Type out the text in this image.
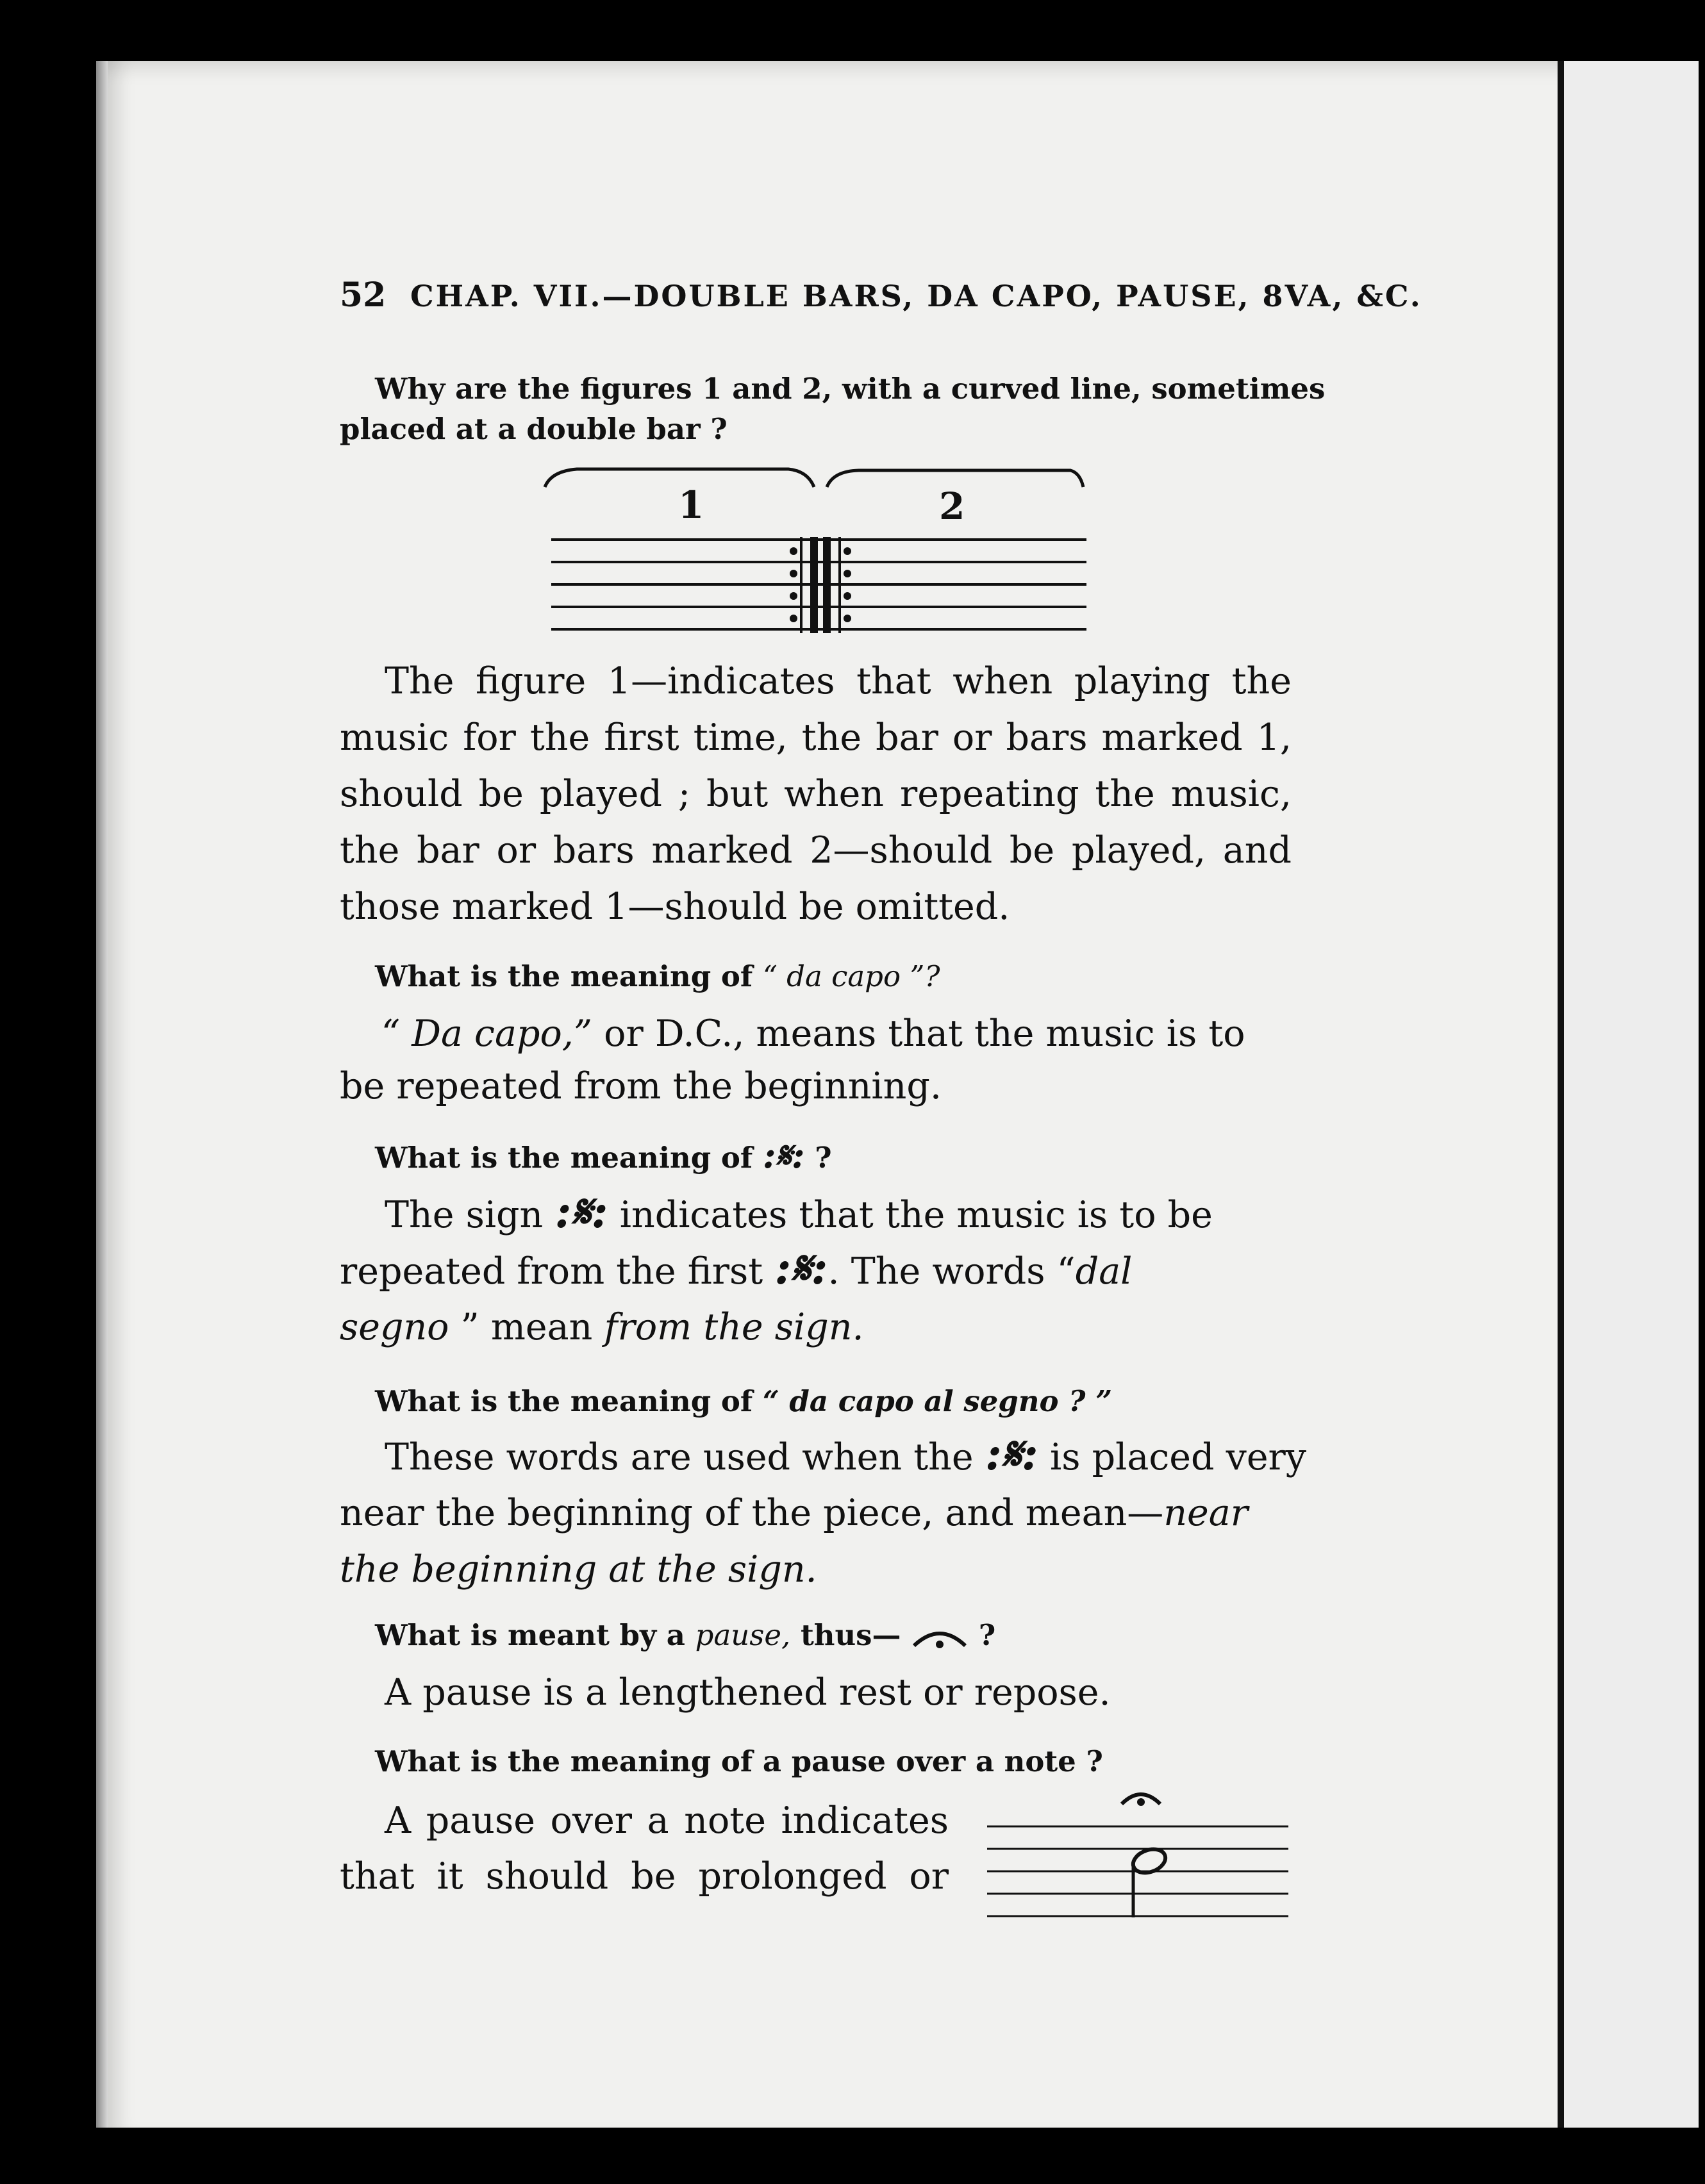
52 CHAP. VII.—DOUBLE BARS, DA CAPO, PAUSE, 8VA, &C.
Why are the figures 1 and 2, with a curved line, sometimes
placed at a double bar ?
1	2
The figure 1—indicates that when playing the
music for the first time, the bar or bars marked 1,
should be played ; but when repeating the music,
the bar or bars marked 2—should be played, and
those marked 1—should be omitted.
What is the meaning of “ da capo ”?
“ Da capo,” or D.C., means that the music is to
be repeated from the beginning.
What is the meaning of :𝄋: ?
The sign :𝄋: indicates that the music is to be
repeated from the first :𝄋:. The words “dal
segno ” mean from the sign.
What is the meaning of “ da capo al segno ? ”
These words are used when the :𝄋: is placed very
near the beginning of the piece, and mean—near
the beginning at the sign.
What is meant by a pause, thus—  ?
A pause is a lengthened rest or repose.
What is the meaning of a pause over a note ?
A pause over a note indicates
that it should be prolonged or
